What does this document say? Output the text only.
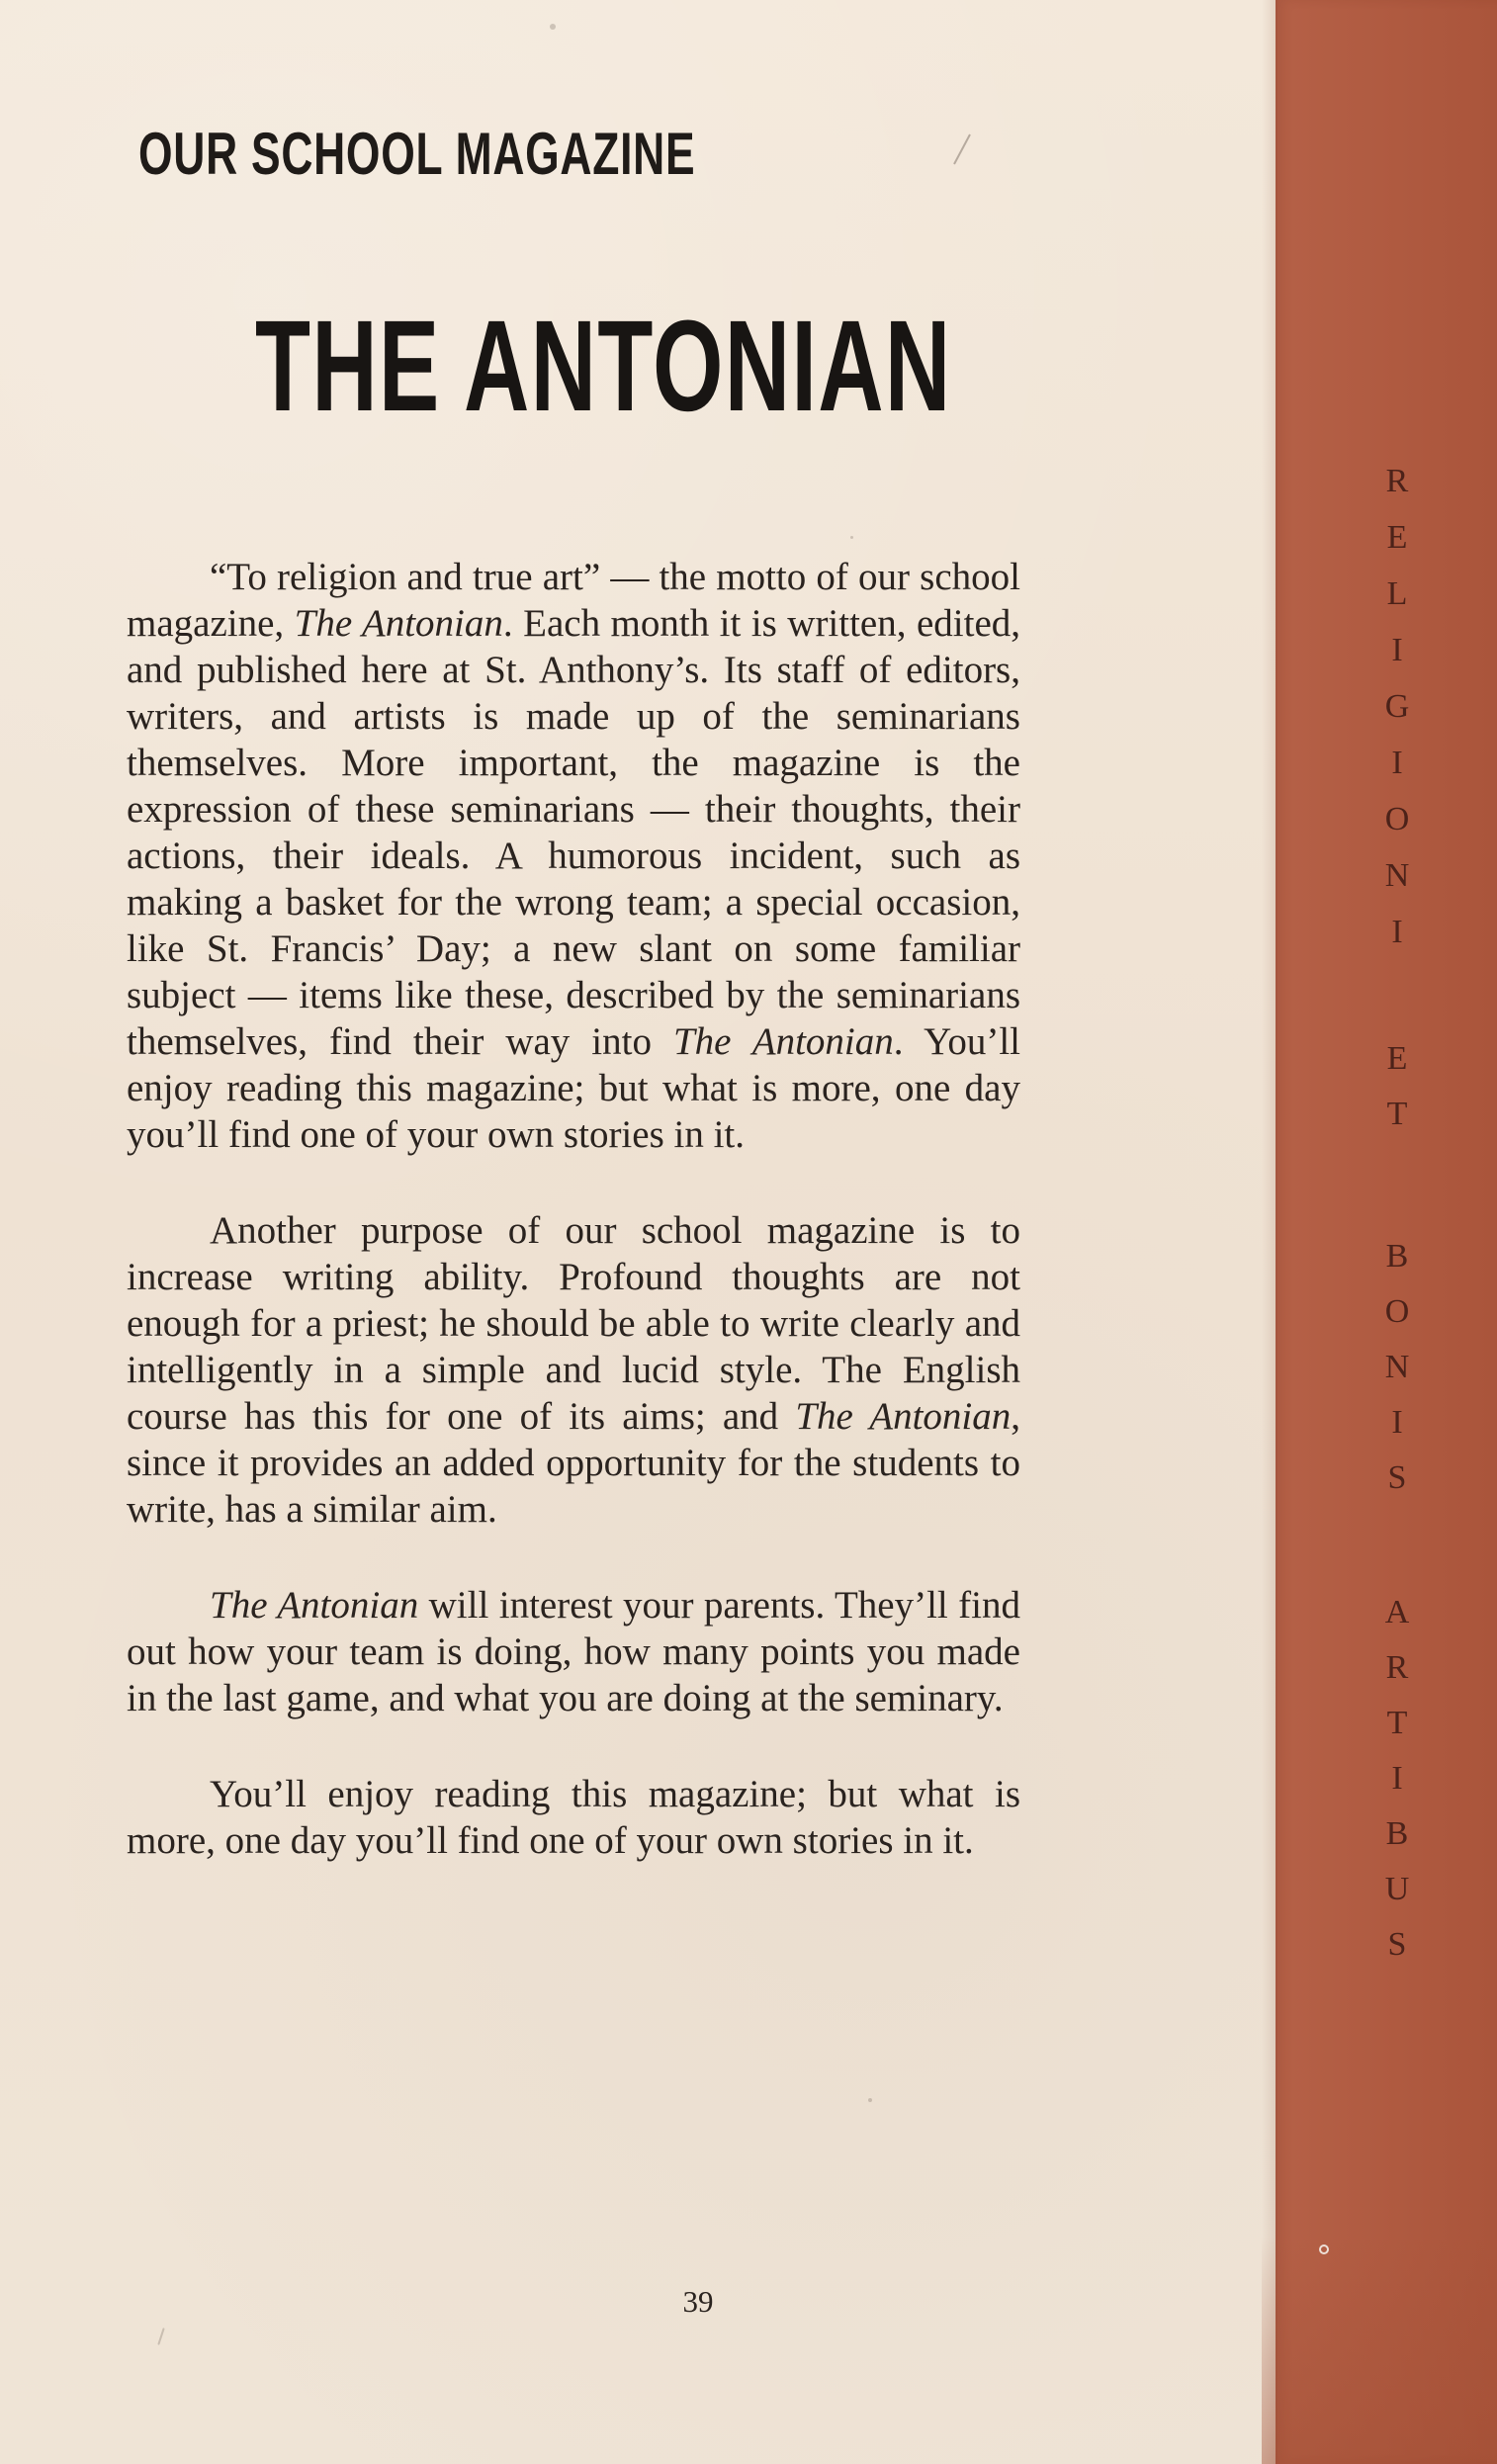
OUR SCHOOL MAGAZINE
THE ANTONIAN

“To religion and true art” — the motto of our school magazine, The Antonian. Each month it is written, edited, and published here at St. Anthony’s. Its staff of editors, writers, and artists is made up of the seminarians themselves. More important, the magazine is the expression of these seminarians — their thoughts, their actions, their ideals. A humorous incident, such as making a basket for the wrong team; a special occasion, like St. Francis’ Day; a new slant on some familiar subject — items like these, described by the seminarians themselves, find their way into The Antonian. You’ll enjoy reading this magazine; but what is more, one day you’ll find one of your own stories in it.

Another purpose of our school magazine is to increase writing ability. Profound thoughts are not enough for a priest; he should be able to write clearly and intelligently in a simple and lucid style. The English course has this for one of its aims; and The Antonian, since it provides an added opportunity for the students to write, has a similar aim.

The Antonian will interest your parents. They’ll find out how your team is doing, how many points you made in the last game, and what you are doing at the seminary.

You’ll enjoy reading this magazine; but what is more, one day you’ll find one of your own stories in it.

39
R
E
L
I
G
I
O
N
I
E
T
B
O
N
I
S
A
R
T
I
B
U
S
